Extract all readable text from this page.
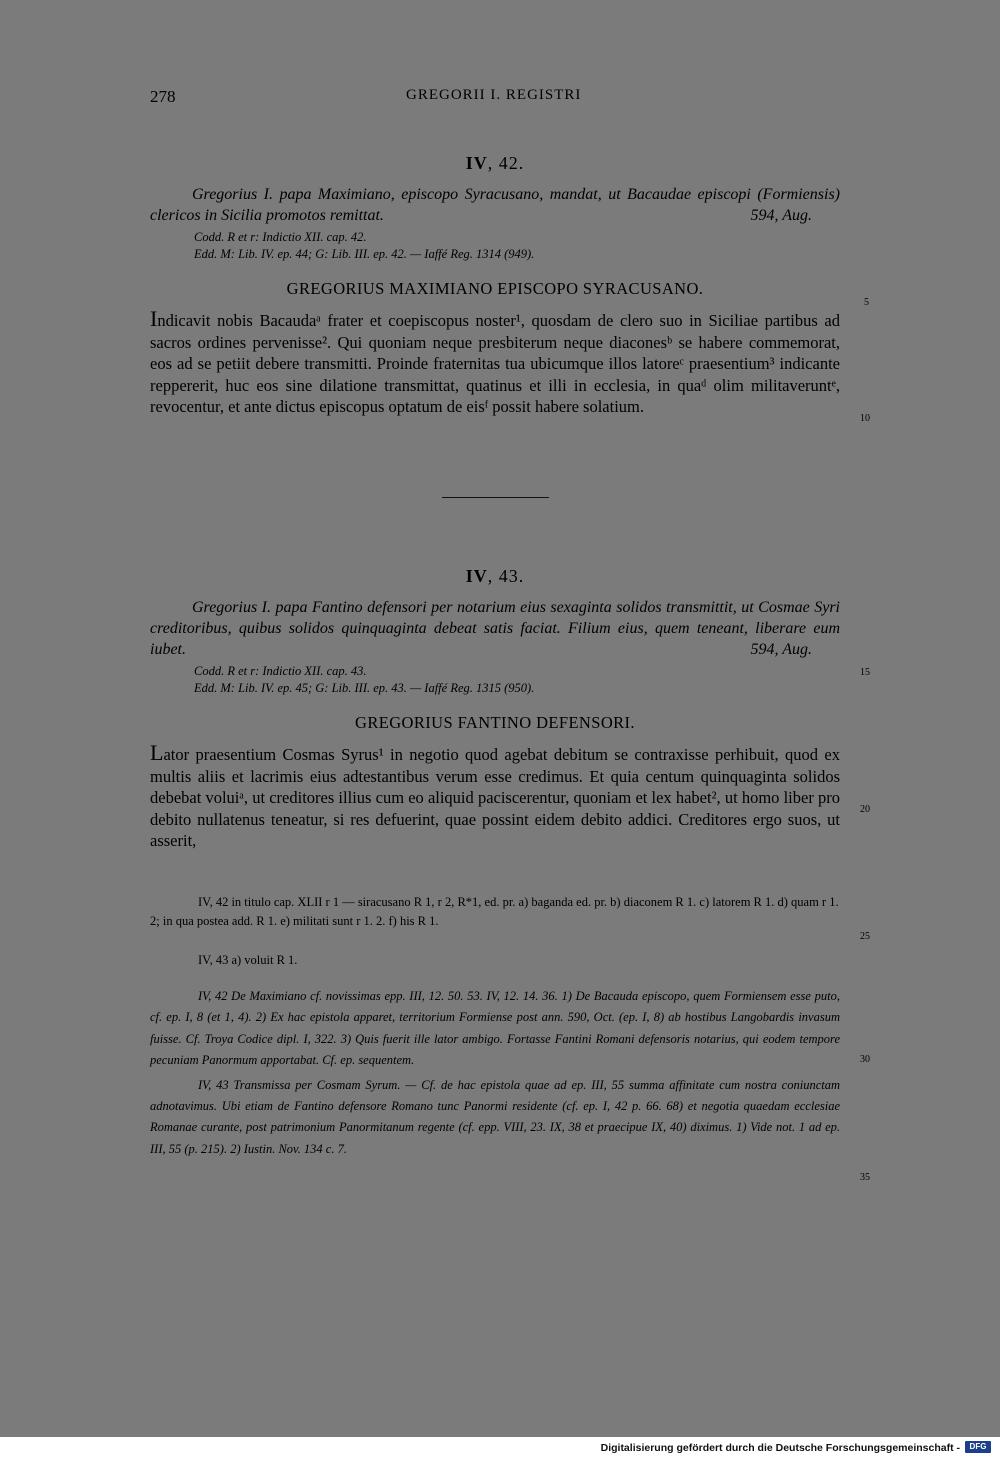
278	GREGORII I. REGISTRI
IV, 42.
Gregorius I. papa Maximiano, episcopo Syracusano, mandat, ut Bacaudae episcopi (Formiensis) clericos in Sicilia promotos remittat.	594, Aug.
Codd. R et r: Indictio XII. cap. 42.
Edd. M: Lib. IV. ep. 44; G: Lib. III. ep. 42. — Iaffé Reg. 1314 (949).
GREGORIUS MAXIMIANO EPISCOPO SYRACUSANO.
Indicavit nobis Bacaudaᵃ frater et coepiscopus noster¹, quosdam de clero suo in Siciliae partibus ad sacros ordines pervenisse². Qui quoniam neque presbiterum neque diaconesᵇ se habere commemorat, eos ad se petiit debere transmitti. Proinde fraternitas tua ubicumque illos latoreᶜ praesentium³ indicante reppererit, huc eos sine dilatione transmittat, quatinus et illi in ecclesia, in quaᵈ olim militaveruntᵉ, revocentur, et ante dictus episcopus optatum de eisᶠ possit habere solatium.
IV, 43.
Gregorius I. papa Fantino defensori per notarium eius sexaginta solidos transmittit, ut Cosmae Syri creditoribus, quibus solidos quinquaginta debeat satis faciat. Filium eius, quem teneant, liberare eum iubet.	594, Aug.
Codd. R et r: Indictio XII. cap. 43.
Edd. M: Lib. IV. ep. 45; G: Lib. III. ep. 43. — Iaffé Reg. 1315 (950).
GREGORIUS FANTINO DEFENSORI.
Lator praesentium Cosmas Syrus¹ in negotio quod agebat debitum se contraxisse perhibuit, quod ex multis aliis et lacrimis eius adtestantibus verum esse credimus. Et quia centum quinquaginta solidos debebat voluiᵃ, ut creditores illius cum eo aliquid paciscerentur, quoniam et lex habet², ut homo liber pro debito nullatenus teneatur, si res defuerint, quae possint eidem debito addici. Creditores ergo suos, ut asserit,
5
10
15
20
25
30
35
IV, 42 in titulo cap. XLII r 1 — siracusano R 1, r 2, R*1, ed. pr. a) baganda ed. pr. b) diaconem R 1. c) latorem R 1. d) quam r 1. 2; in qua postea add. R 1. e) militati sunt r 1. 2. f) his R 1.
IV, 43 a) voluit R 1.

IV, 42 De Maximiano cf. novissimas epp. III, 12. 50. 53. IV, 12. 14. 36. 1) De Bacauda episcopo, quem Formiensem esse puto, cf. ep. I, 8 (et 1, 4). 2) Ex hac epistola apparet, territorium Formiense post ann. 590, Oct. (ep. I, 8) ab hostibus Langobardis invasum fuisse. Cf. Troya Codice dipl. I, 322. 3) Quis fuerit ille lator ambigo. Fortasse Fantini Romani defensoris notarius, qui eodem tempore pecuniam Panormum apportabat. Cf. ep. sequentem.

IV, 43 Transmissa per Cosmam Syrum. — Cf. de hac epistola quae ad ep. III, 55 summa affinitate cum nostra coniunctam adnotavimus. Ubi etiam de Fantino defensore Romano tunc Panormi residente (cf. ep. I, 42 p. 66. 68) et negotia quaedam ecclesiae Romanae curante, post patrimonium Panormitanum regente (cf. epp. VIII, 23. IX, 38 et praecipue IX, 40) diximus. 1) Vide not. 1 ad ep. III, 55 (p. 215). 2) Iustin. Nov. 134 c. 7.

Digitalisierung gefördert durch die Deutsche Forschungsgemeinschaft -	DFG
